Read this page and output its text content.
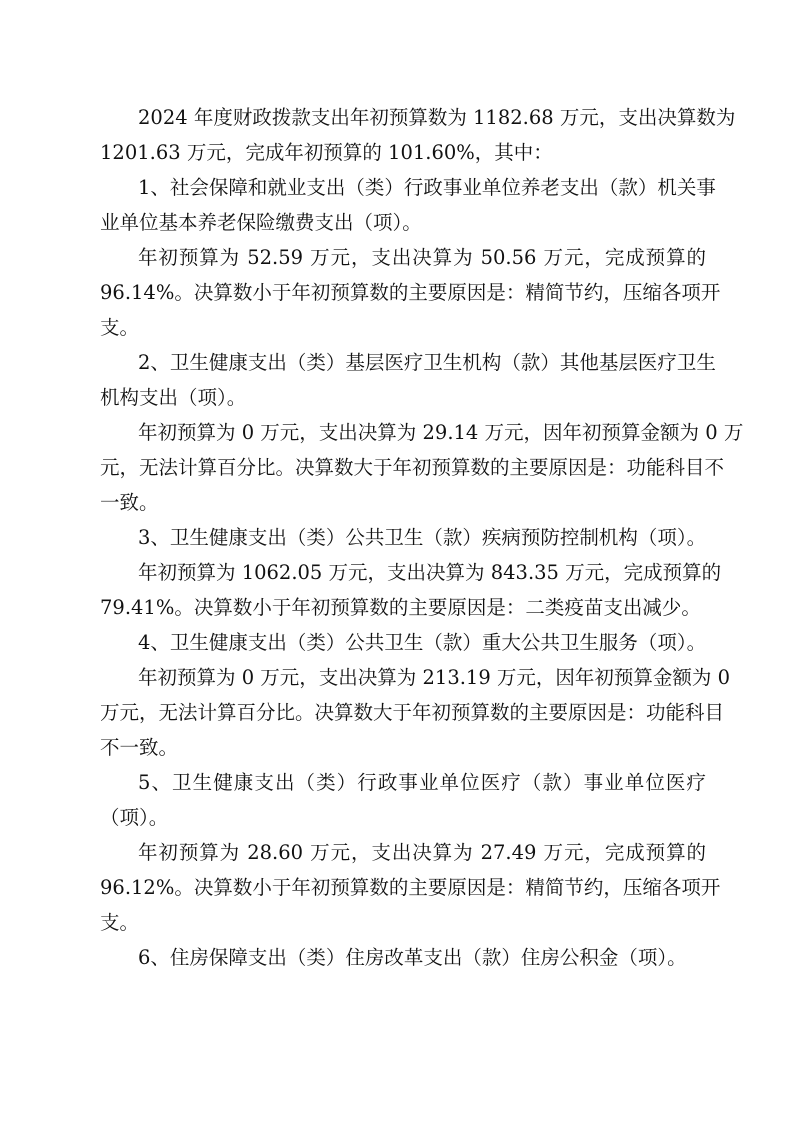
2024 年度财政拨款支出年初预算数为 1182.68 万元，支出决算数为
1201.63 万元，完成年初预算的 101.60%，其中：
1、社会保障和就业支出（类）行政事业单位养老支出（款）机关事
业单位基本养老保险缴费支出（项）。
年初预算为 52.59 万元，支出决算为 50.56 万元，完成预算的
96.14%。决算数小于年初预算数的主要原因是：精简节约，压缩各项开
支。
2、卫生健康支出（类）基层医疗卫生机构（款）其他基层医疗卫生
机构支出（项）。
年初预算为 0 万元，支出决算为 29.14 万元，因年初预算金额为 0 万
元，无法计算百分比。决算数大于年初预算数的主要原因是：功能科目不
一致。
3、卫生健康支出（类）公共卫生（款）疾病预防控制机构（项）。
年初预算为 1062.05 万元，支出决算为 843.35 万元，完成预算的
79.41%。决算数小于年初预算数的主要原因是：二类疫苗支出减少。
4、卫生健康支出（类）公共卫生（款）重大公共卫生服务（项）。
年初预算为 0 万元，支出决算为 213.19 万元，因年初预算金额为 0
万元，无法计算百分比。决算数大于年初预算数的主要原因是：功能科目
不一致。
5、卫生健康支出（类）行政事业单位医疗（款）事业单位医疗
（项）。
年初预算为 28.60 万元，支出决算为 27.49 万元，完成预算的
96.12%。决算数小于年初预算数的主要原因是：精简节约，压缩各项开
支。
6、住房保障支出（类）住房改革支出（款）住房公积金（项）。
